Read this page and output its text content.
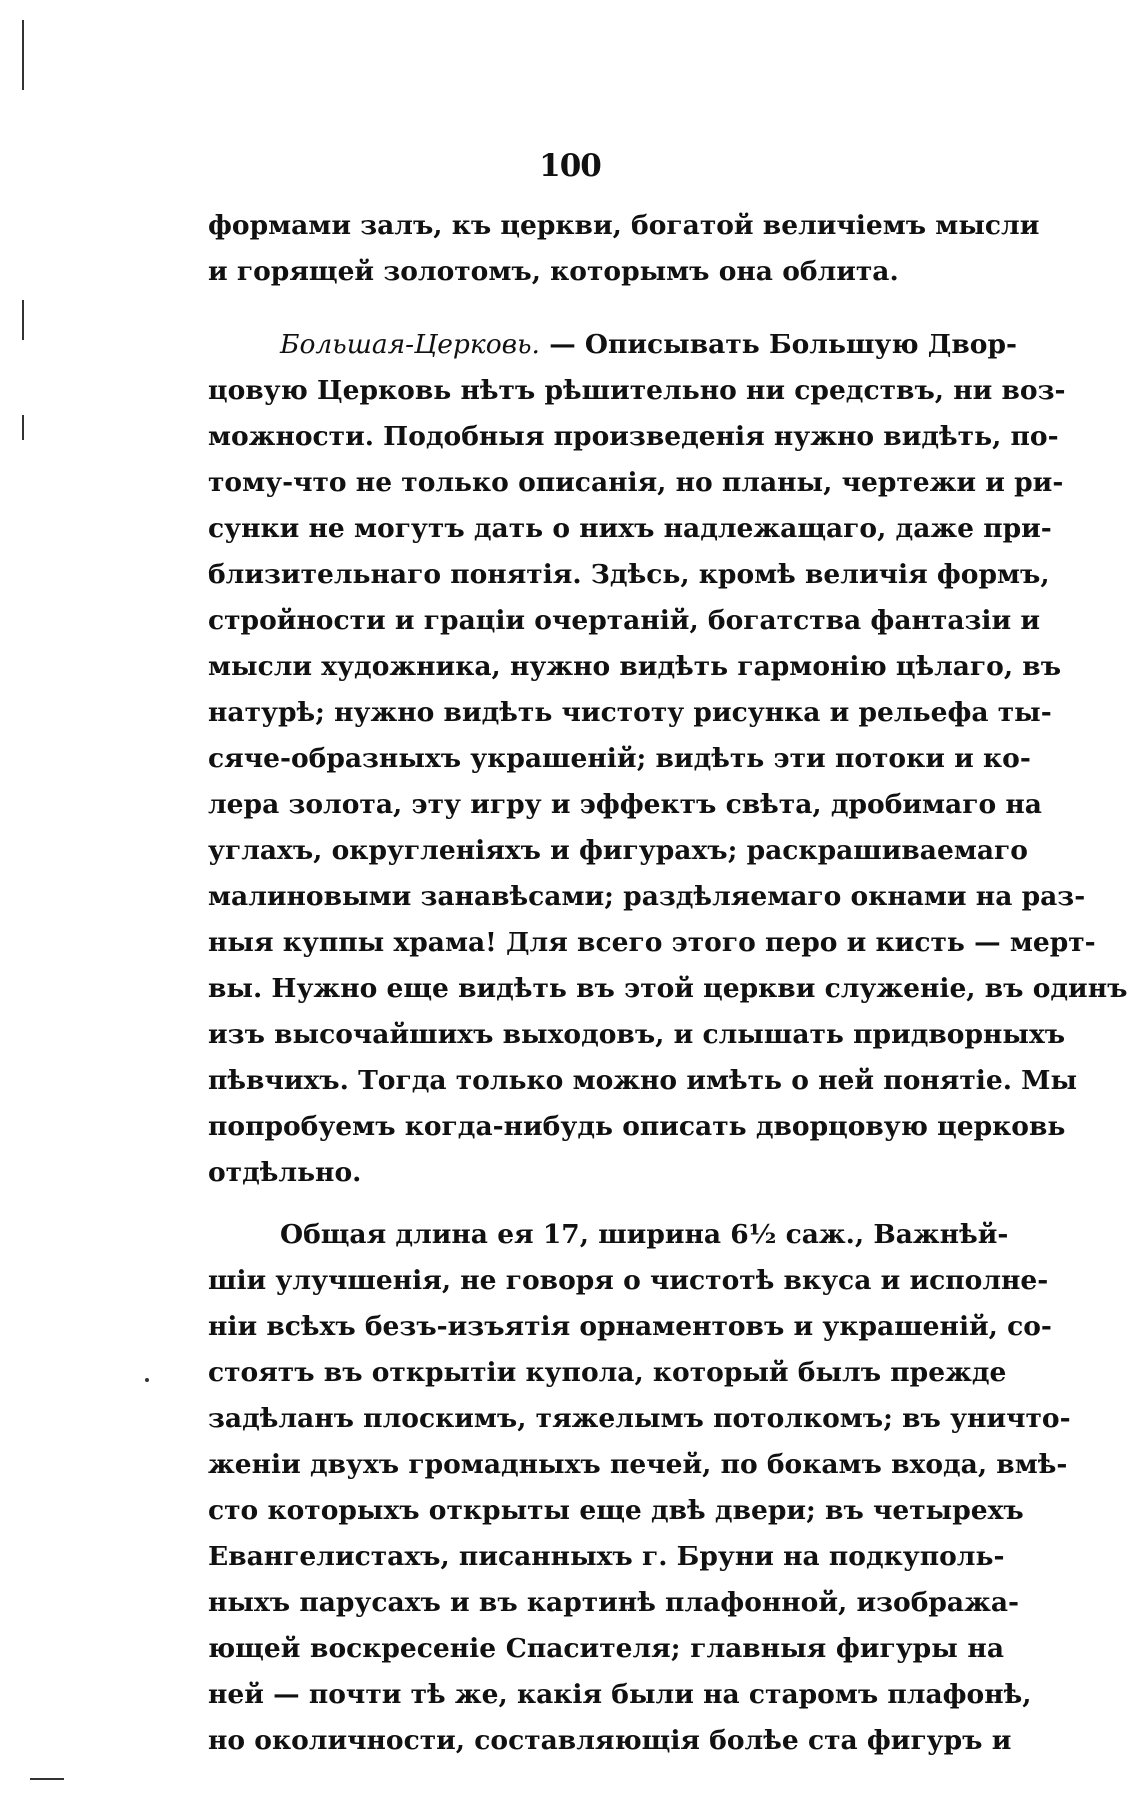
100

формами залъ, къ церкви, богатой величіемъ мысли

и горящей золотомъ, которымъ она облита.

Большая-Церковь. — Описывать Большую Двор-

цовую Церковь нѣтъ рѣшительно ни средствъ, ни воз-

можности. Подобныя произведенія нужно видѣть, по-

тому-что не только описанія, но планы, чертежи и ри-

сунки не могутъ дать о нихъ надлежащаго, даже при-

близительнаго понятія. Здѣсь, кромѣ величія формъ,

стройности и граціи очертаній, богатства фантазіи и

мысли художника, нужно видѣть гармонію цѣлаго, въ

натурѣ; нужно видѣть чистоту рисунка и рельефа ты-

сяче-образныхъ украшеній; видѣть эти потоки и ко-

лера золота, эту игру и эффектъ свѣта, дробимаго на

углахъ, округленіяхъ и фигурахъ; раскрашиваемаго

малиновыми занавѣсами; раздѣляемаго окнами на раз-

ныя куппы храма! Для всего этого перо и кисть — мерт-

вы. Нужно еще видѣть въ этой церкви служеніе, въ одинъ

изъ высочайшихъ выходовъ, и слышать придворныхъ

пѣвчихъ. Тогда только можно имѣть о ней понятіе. Мы

попробуемъ когда-нибудь описать дворцовую церковь

отдѣльно.

Общая длина ея 17, ширина 6½ саж., Важнѣй-

шіи улучшенія, не говоря о чистотѣ вкуса и исполне-

ніи всѣхъ безъ-изъятія орнаментовъ и украшеній, со-

стоятъ въ открытіи купола, который былъ прежде

задѣланъ плоскимъ, тяжелымъ потолкомъ; въ уничто-

женіи двухъ громадныхъ печей, по бокамъ входа, вмѣ-

сто которыхъ открыты еще двѣ двери; въ четырехъ

Евангелистахъ, писанныхъ г. Бруни на подкуполь-

ныхъ парусахъ и въ картинѣ плафонной, изобража-

ющей воскресеніе Спасителя; главныя фигуры на

ней — почти тѣ же, какія были на старомъ плафонѣ,

но околичности, составляющія болѣе ста фигуръ и
